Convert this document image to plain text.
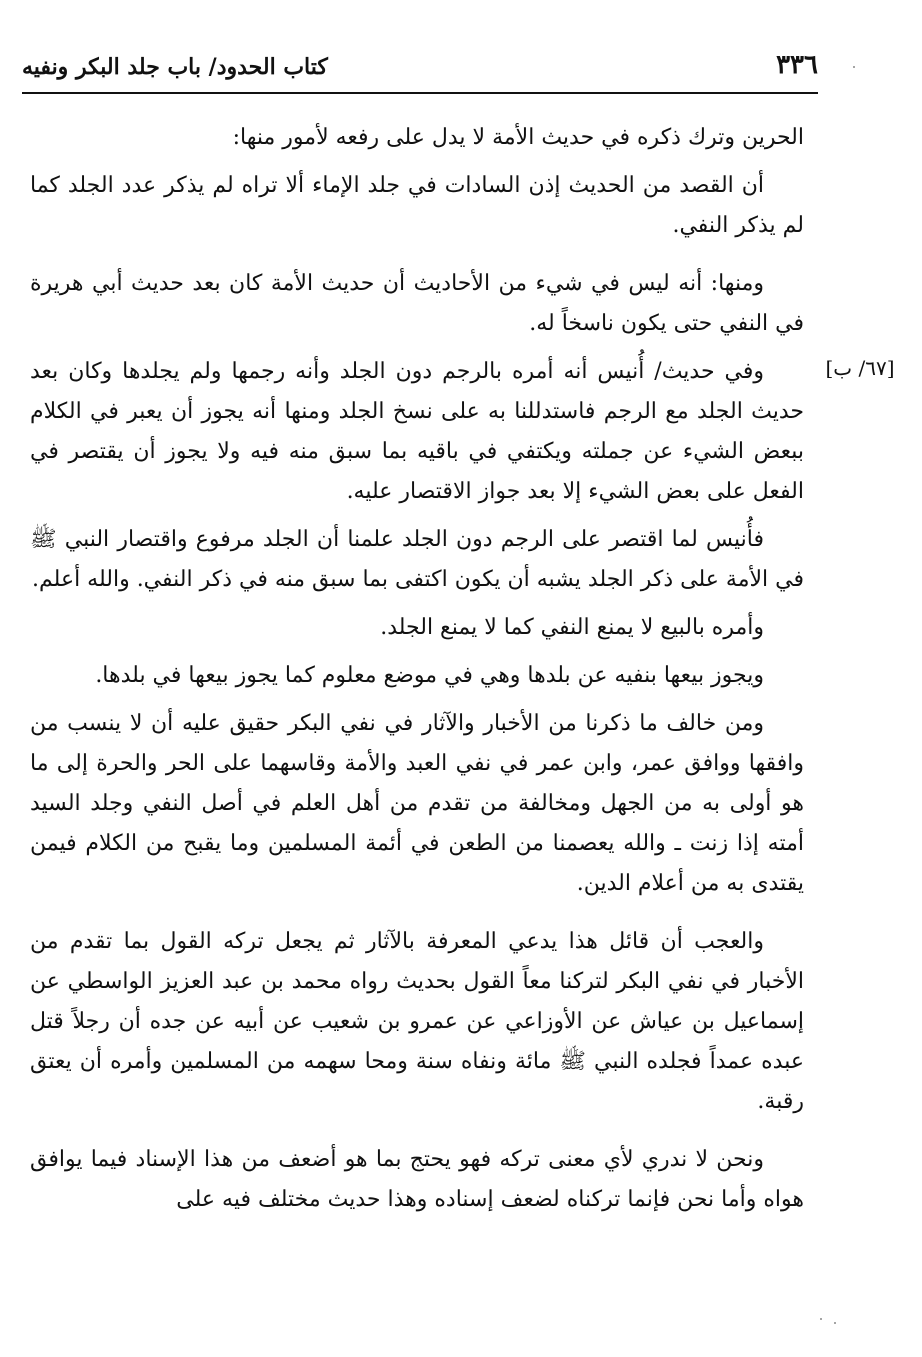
٣٣٦
كتاب الحدود/ باب جلد البكر ونفيه
[٦٧/ ب]

الحرين وترك ذكره في حديث الأمة لا يدل على رفعه لأمور منها:

أن القصد من الحديث إذن السادات في جلد الإماء ألا تراه لم يذكر عدد الجلد كما لم يذكر النفي.

ومنها: أنه ليس في شيء من الأحاديث أن حديث الأمة كان بعد حديث أبي هريرة في النفي حتى يكون ناسخاً له.

وفي حديث/ أُنيس أنه أمره بالرجم دون الجلد وأنه رجمها ولم يجلدها وكان بعد حديث الجلد مع الرجم فاستدللنا به على نسخ الجلد ومنها أنه يجوز أن يعبر في الكلام ببعض الشيء عن جملته ويكتفي في باقيه بما سبق منه فيه ولا يجوز أن يقتصر في الفعل على بعض الشيء إلا بعد جواز الاقتصار عليه.

فأُنيس لما اقتصر على الرجم دون الجلد علمنا أن الجلد مرفوع واقتصار النبي ﷺ في الأمة على ذكر الجلد يشبه أن يكون اكتفى بما سبق منه في ذكر النفي. والله أعلم.

وأمره بالبيع لا يمنع النفي كما لا يمنع الجلد.

ويجوز بيعها بنفيه عن بلدها وهي في موضع معلوم كما يجوز بيعها في بلدها.

ومن خالف ما ذكرنا من الأخبار والآثار في نفي البكر حقيق عليه أن لا ينسب من وافقها ووافق عمر، وابن عمر في نفي العبد والأمة وقاسهما على الحر والحرة إلى ما هو أولى به من الجهل ومخالفة من تقدم من أهل العلم في أصل النفي وجلد السيد أمته إذا زنت ـ والله يعصمنا من الطعن في أئمة المسلمين وما يقبح من الكلام فيمن يقتدى به من أعلام الدين.

والعجب أن قائل هذا يدعي المعرفة بالآثار ثم يجعل تركه القول بما تقدم من الأخبار في نفي البكر لتركنا معاً القول بحديث رواه محمد بن عبد العزيز الواسطي عن إسماعيل بن عياش عن الأوزاعي عن عمرو بن شعيب عن أبيه عن جده أن رجلاً قتل عبده عمداً فجلده النبي ﷺ مائة ونفاه سنة ومحا سهمه من المسلمين وأمره أن يعتق رقبة.

ونحن لا ندري لأي معنى تركه فهو يحتج بما هو أضعف من هذا الإسناد فيما يوافق هواه وأما نحن فإنما تركناه لضعف إسناده وهذا حديث مختلف فيه على
